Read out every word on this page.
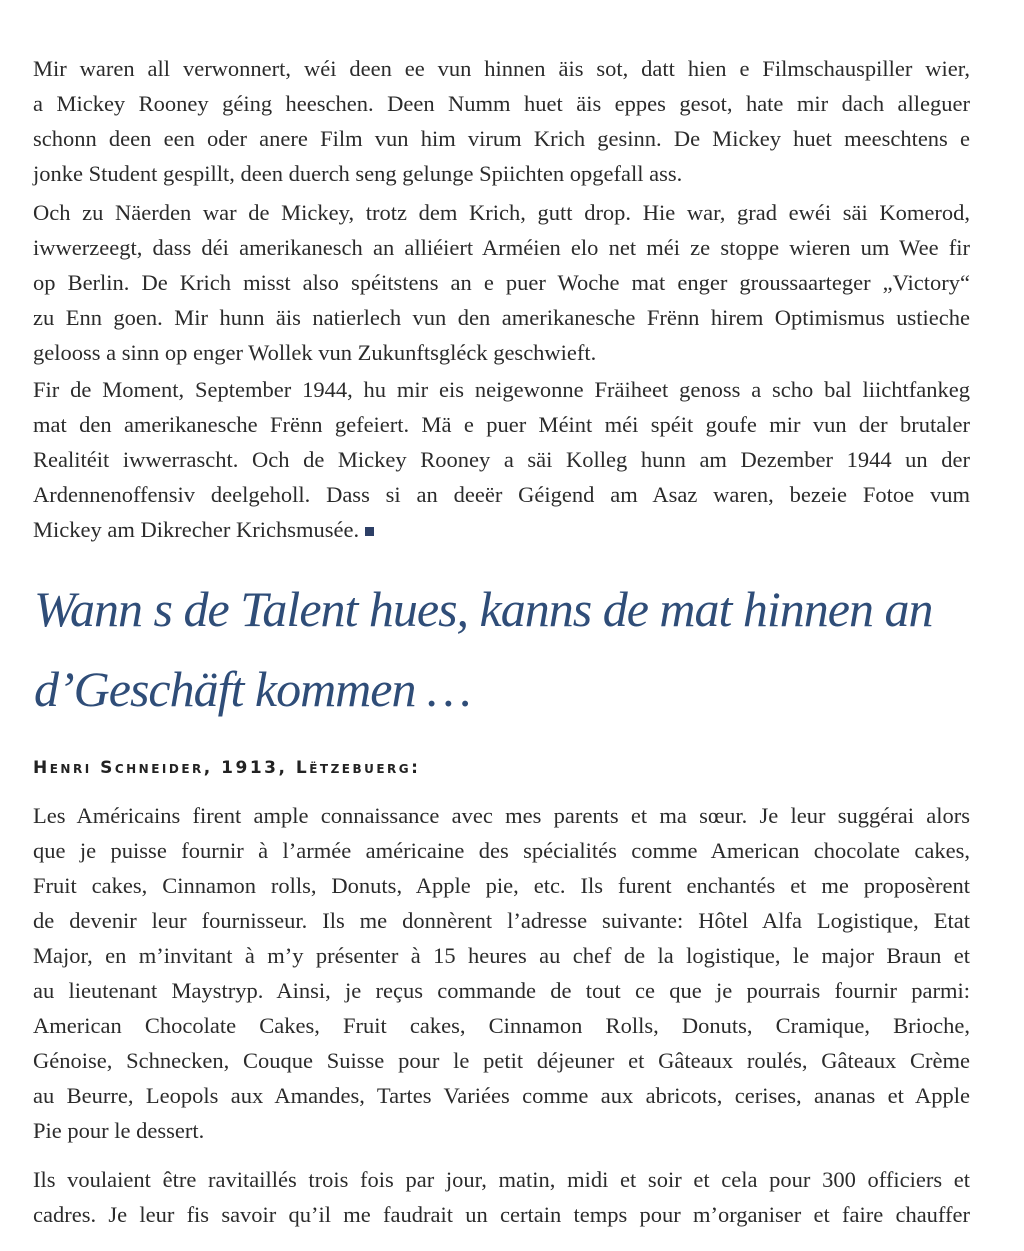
Mir waren all verwonnert, wéi deen ee vun hinnen äis sot, datt hien e Filmschauspiller wier,
a Mickey Rooney géing heeschen. Deen Numm huet äis eppes gesot, hate mir dach alleguer
schonn deen een oder anere Film vun him virum Krich gesinn. De Mickey huet meeschtens e
jonke Student gespillt, deen duerch seng gelunge Spiichten opgefall ass.
Och zu Näerden war de Mickey, trotz dem Krich, gutt drop. Hie war, grad ewéi säi Komerod,
iwwerzeegt, dass déi amerikanesch an alliéiert Arméien elo net méi ze stoppe wieren um Wee fir
op Berlin. De Krich misst also spéitstens an e puer Woche mat enger groussaarteger „Victory“
zu Enn goen. Mir hunn äis natierlech vun den amerikanesche Frënn hirem Optimismus ustieche
gelooss a sinn op enger Wollek vun Zukunftsgléck geschwieft.
Fir de Moment, September 1944, hu mir eis neigewonne Fräiheet genoss a scho bal liichtfankeg
mat den amerikanesche Frënn gefeiert. Mä e puer Méint méi spéit goufe mir vun der brutaler
Realitéit iwwerrascht. Och de Mickey Rooney a säi Kolleg hunn am Dezember 1944 un der
Ardennenoffensiv deelgeholl. Dass si an deeër Géigend am Asaz waren, bezeie Fotoe vum
Mickey am Dikrecher Krichsmusée.
Wann s de Talent hues, kanns de mat hinnen an
d’Geschäft kommen …
Henri Schneider, 1913, Lëtzebuerg:
Les Américains firent ample connaissance avec mes parents et ma sœur. Je leur suggérai alors
que je puisse fournir à l’armée américaine des spécialités comme American chocolate cakes,
Fruit cakes, Cinnamon rolls, Donuts, Apple pie, etc. Ils furent enchantés et me proposèrent
de devenir leur fournisseur. Ils me donnèrent l’adresse suivante: Hôtel Alfa Logistique, Etat
Major, en m’invitant à m’y présenter à 15 heures au chef de la logistique, le major Braun et
au lieutenant Maystryp. Ainsi, je reçus commande de tout ce que je pourrais fournir parmi:
American Chocolate Cakes, Fruit cakes, Cinnamon Rolls, Donuts, Cramique, Brioche,
Génoise, Schnecken, Couque Suisse pour le petit déjeuner et Gâteaux roulés, Gâteaux Crème
au Beurre, Leopols aux Amandes, Tartes Variées comme aux abricots, cerises, ananas et Apple
Pie pour le dessert.
Ils voulaient être ravitaillés trois fois par jour, matin, midi et soir et cela pour 300 officiers et
cadres. Je leur fis savoir qu’il me faudrait un certain temps pour m’organiser et faire chauffer
